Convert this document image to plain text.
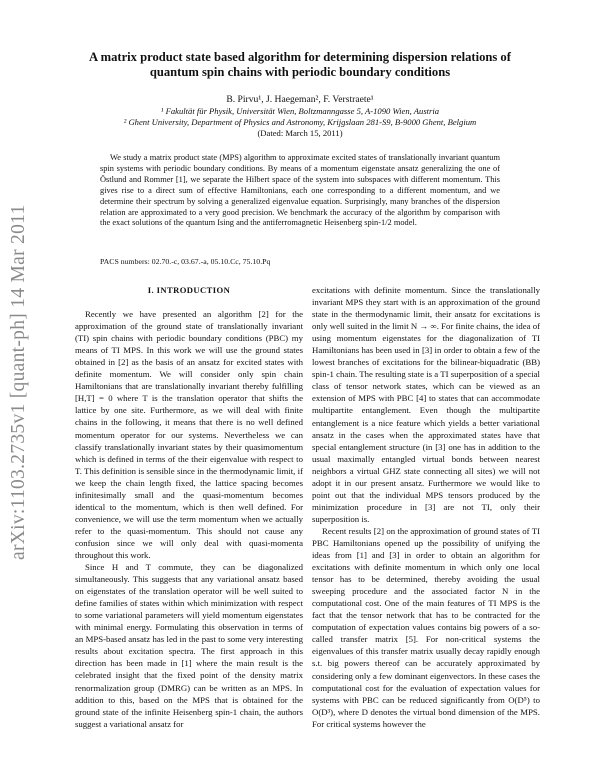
arXiv:1103.2735v1 [quant-ph] 14 Mar 2011
A matrix product state based algorithm for determining dispersion relations of
quantum spin chains with periodic boundary conditions
B. Pirvu¹, J. Haegeman², F. Verstraete¹
¹ Fakultät für Physik, Universität Wien, Boltzmanngasse 5, A-1090 Wien, Austria
² Ghent University, Department of Physics and Astronomy, Krijgslaan 281-S9, B-9000 Ghent, Belgium
(Dated: March 15, 2011)
We study a matrix product state (MPS) algorithm to approximate excited states of translationally invariant quantum spin systems with periodic boundary conditions. By means of a momentum eigenstate ansatz generalizing the one of Östlund and Rommer [1], we separate the Hilbert space of the system into subspaces with different momentum. This gives rise to a direct sum of effective Hamiltonians, each one corresponding to a different momentum, and we determine their spectrum by solving a generalized eigenvalue equation. Surprisingly, many branches of the dispersion relation are approximated to a very good precision. We benchmark the accuracy of the algorithm by comparison with the exact solutions of the quantum Ising and the antiferromagnetic Heisenberg spin-1/2 model.
PACS numbers: 02.70.-c, 03.67.-a, 05.10.Cc, 75.10.Pq
I. INTRODUCTION

Recently we have presented an algorithm [2] for the approximation of the ground state of translationally invariant (TI) spin chains with periodic boundary conditions (PBC) my means of TI MPS. In this work we will use the ground states obtained in [2] as the basis of an ansatz for excited states with definite momentum. We will consider only spin chain Hamiltonians that are translationally invariant thereby fulfilling [H,T] = 0 where T is the translation operator that shifts the lattice by one site. Furthermore, as we will deal with finite chains in the following, it means that there is no well defined momentum operator for our systems. Nevertheless we can classify translationally invariant states by their quasimomentum which is defined in terms of the their eigenvalue with respect to T. This definition is sensible since in the thermodynamic limit, if we keep the chain length fixed, the lattice spacing becomes infinitesimally small and the quasi-momentum becomes identical to the momentum, which is then well defined. For convenience, we will use the term momentum when we actually refer to the quasi-momentum. This should not cause any confusion since we will only deal with quasi-momenta throughout this work.

Since H and T commute, they can be diagonalized simultaneously. This suggests that any variational ansatz based on eigenstates of the translation operator will be well suited to define families of states within which minimization with respect to some variational parameters will yield momentum eigenstates with minimal energy. Formulating this observation in terms of an MPS-based ansatz has led in the past to some very interesting results about excitation spectra. The first approach in this direction has been made in [1] where the main result is the celebrated insight that the fixed point of the density matrix renormalization group (DMRG) can be written as an MPS. In addition to this, based on the MPS that is obtained for the ground state of the infinite Heisenberg spin-1 chain, the authors suggest a variational ansatz for

excitations with definite momentum. Since the translationally invariant MPS they start with is an approximation of the ground state in the thermodynamic limit, their ansatz for excitations is only well suited in the limit N → ∞. For finite chains, the idea of using momentum eigenstates for the diagonalization of TI Hamiltonians has been used in [3] in order to obtain a few of the lowest branches of excitations for the bilinear-biquadratic (BB) spin-1 chain. The resulting state is a TI superposition of a special class of tensor network states, which can be viewed as an extension of MPS with PBC [4] to states that can accommodate multipartite entanglement. Even though the multipartite entanglement is a nice feature which yields a better variational ansatz in the cases when the approximated states have that special entanglement structure (in [3] one has in addition to the usual maximally entangled virtual bonds between nearest neighbors a virtual GHZ state connecting all sites) we will not adopt it in our present ansatz. Furthermore we would like to point out that the individual MPS tensors produced by the minimization procedure in [3] are not TI, only their superposition is.

Recent results [2] on the approximation of ground states of TI PBC Hamiltonians opened up the possibility of unifying the ideas from [1] and [3] in order to obtain an algorithm for excitations with definite momentum in which only one local tensor has to be determined, thereby avoiding the usual sweeping procedure and the associated factor N in the computational cost. One of the main features of TI MPS is the fact that the tensor network that has to be contracted for the computation of expectation values contains big powers of a so-called transfer matrix [5]. For non-critical systems the eigenvalues of this transfer matrix usually decay rapidly enough s.t. big powers thereof can be accurately approximated by considering only a few dominant eigenvectors. In these cases the computational cost for the evaluation of expectation values for systems with PBC can be reduced significantly from O(D⁵) to O(D³), where D denotes the virtual bond dimension of the MPS. For critical systems however the
